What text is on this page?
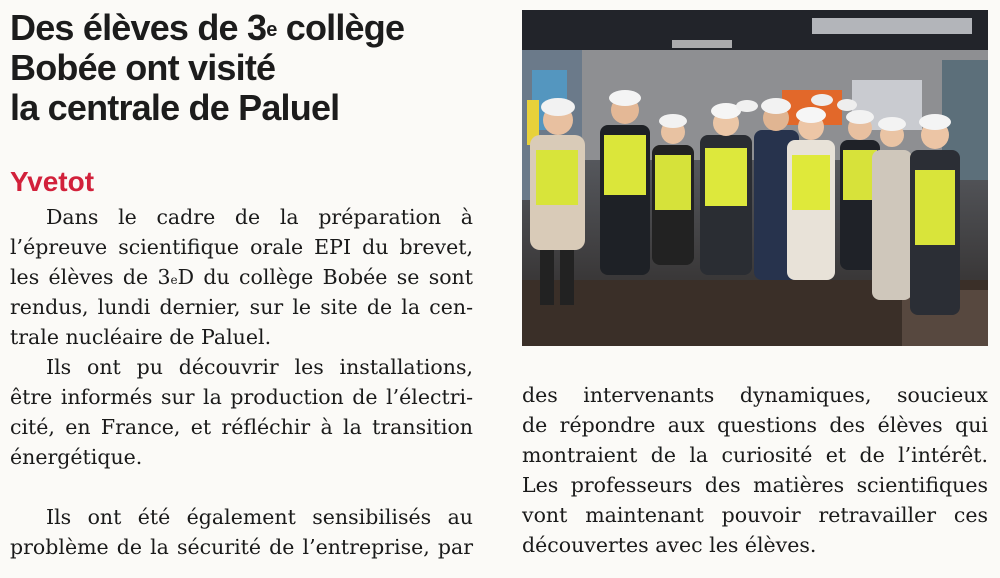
Des élèves de 3e collège
Bobée ont visité
la centrale de Paluel
Yvetot
Dans le cadre de la préparation à
l’épreuve scientifique orale EPI du brevet,
les élèves de 3eD du collège Bobée se sont
rendus, lundi dernier, sur le site de la cen-
trale nucléaire de Paluel.
Ils ont pu découvrir les installations,
être informés sur la production de l’électri-
cité, en France, et réfléchir à la transition
énergétique.
Ils ont été également sensibilisés au
problème de la sécurité de l’entreprise, par
des intervenants dynamiques, soucieux
de répondre aux questions des élèves qui
montraient de la curiosité et de l’intérêt.
Les professeurs des matières scientifiques
vont maintenant pouvoir retravailler ces
découvertes avec les élèves.
